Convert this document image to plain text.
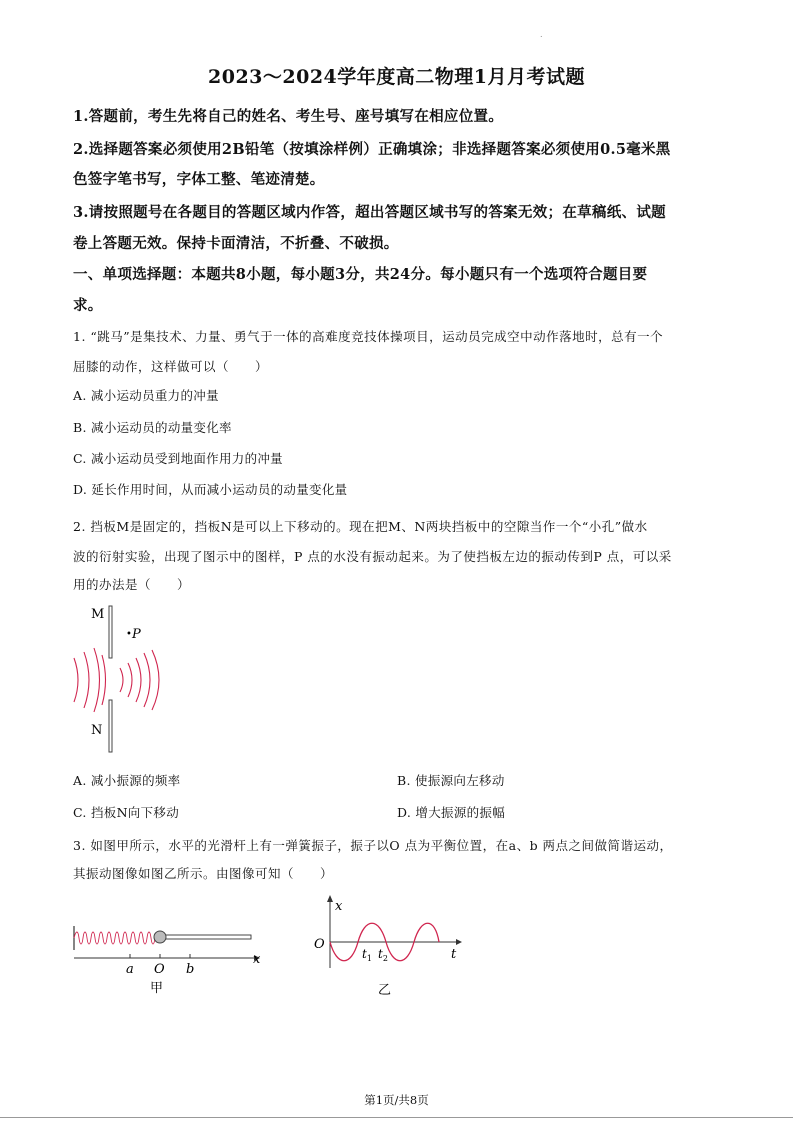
.
2023～2024学年度高二物理1月月考试题
1.答题前，考生先将自己的姓名、考生号、座号填写在相应位置。
2.选择题答案必须使用2B铅笔（按填涂样例）正确填涂；非选择题答案必须使用0.5毫米黑
色签字笔书写，字体工整、笔迹清楚。
3.请按照题号在各题目的答题区域内作答，超出答题区域书写的答案无效；在草稿纸、试题
卷上答题无效。保持卡面清洁，不折叠、不破损。
一、单项选择题：本题共8小题，每小题3分，共24分。每小题只有一个选项符合题目要
求。
1. “跳马”是集技术、力量、勇气于一体的高难度竞技体操项目，运动员完成空中动作落地时，总有一个
屈膝的动作，这样做可以（　　）
A. 减小运动员重力的冲量
B. 减小运动员的动量变化率
C. 减小运动员受到地面作用力的冲量
D. 延长作用时间，从而减小运动员的动量变化量
2. 挡板M是固定的，挡板N是可以上下移动的。现在把M、N两块挡板中的空隙当作一个“小孔”做水
波的衍射实验，出现了图示中的图样，P 点的水没有振动起来。为了使挡板左边的振动传到P 点，可以采
用的办法是（　　）
M
N
• P
A. 减小振源的频率	B. 使振源向左移动
C. 挡板N向下移动	D. 增大振源的振幅
3. 如图甲所示，水平的光滑杆上有一弹簧振子，振子以O 点为平衡位置，在a、b 两点之间做简谐运动，
其振动图像如图乙所示。由图像可知（　　）
a O b
x
甲
x
O
t
$t_1$ $t_2$
乙
第1页/共8页
